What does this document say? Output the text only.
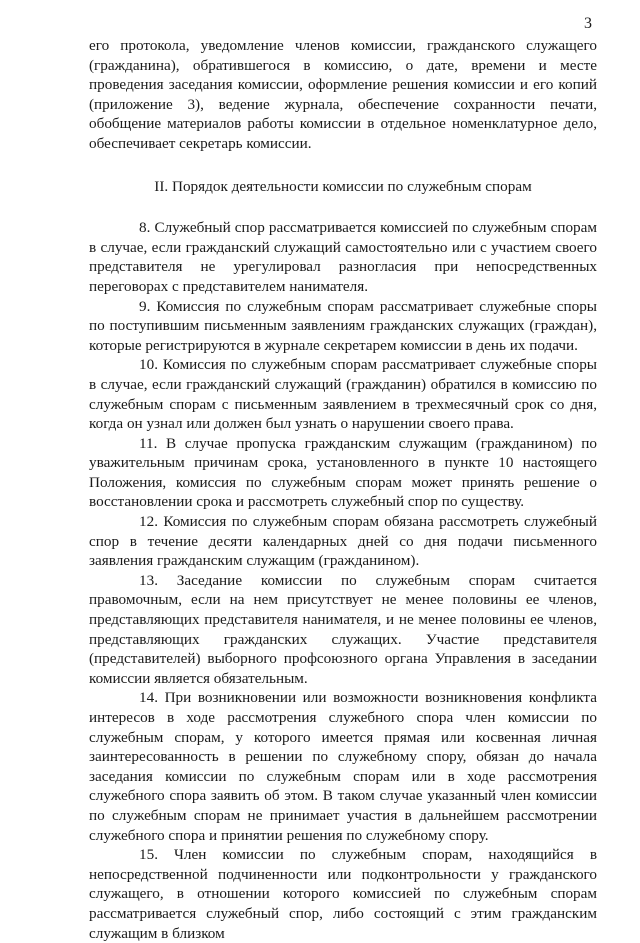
3

его протокола, уведомление членов комиссии, гражданского служащего (гражданина), обратившегося в комиссию, о дате, времени и месте проведения заседания комиссии, оформление решения комиссии и его копий (приложение 3), ведение журнала, обеспечение сохранности печати, обобщение материалов работы комиссии в отдельное номенклатурное дело, обеспечивает секретарь комиссии.

II. Порядок деятельности комиссии по служебным спорам

8. Служебный спор рассматривается комиссией по служебным спорам в случае, если гражданский служащий самостоятельно или с участием своего представителя не урегулировал разногласия при непосредственных переговорах с представителем нанимателя.

9. Комиссия по служебным спорам рассматривает служебные споры по поступившим письменным заявлениям гражданских служащих (граждан), которые регистрируются в журнале секретарем комиссии в день их подачи.

10. Комиссия по служебным спорам рассматривает служебные споры в случае, если гражданский служащий (гражданин) обратился в комиссию по служебным спорам с письменным заявлением в трехмесячный срок со дня, когда он узнал или должен был узнать о нарушении своего права.

11. В случае пропуска гражданским служащим (гражданином) по уважительным причинам срока, установленного в пункте 10 настоящего Положения, комиссия по служебным спорам может принять решение о восстановлении срока и рассмотреть служебный спор по существу.

12. Комиссия по служебным спорам обязана рассмотреть служебный спор в течение десяти календарных дней со дня подачи письменного заявления гражданским служащим (гражданином).

13. Заседание комиссии по служебным спорам считается правомочным, если на нем присутствует не менее половины ее членов, представляющих представителя нанимателя, и не менее половины ее членов, представляющих гражданских служащих. Участие представителя (представителей) выборного профсоюзного органа Управления в заседании комиссии является обязательным.

14. При возникновении или возможности возникновения конфликта интересов в ходе рассмотрения служебного спора член комиссии по служебным спорам, у которого имеется прямая или косвенная личная заинтересованность в решении по служебному спору, обязан до начала заседания комиссии по служебным спорам или в ходе рассмотрения служебного спора заявить об этом. В таком случае указанный член комиссии по служебным спорам не принимает участия в дальнейшем рассмотрении служебного спора и принятии решения по служебному спору.

15. Член комиссии по служебным спорам, находящийся в непосредственной подчиненности или подконтрольности у гражданского служащего, в отношении которого комиссией по служебным спорам рассматривается служебный спор, либо состоящий с этим гражданским служащим в близком
